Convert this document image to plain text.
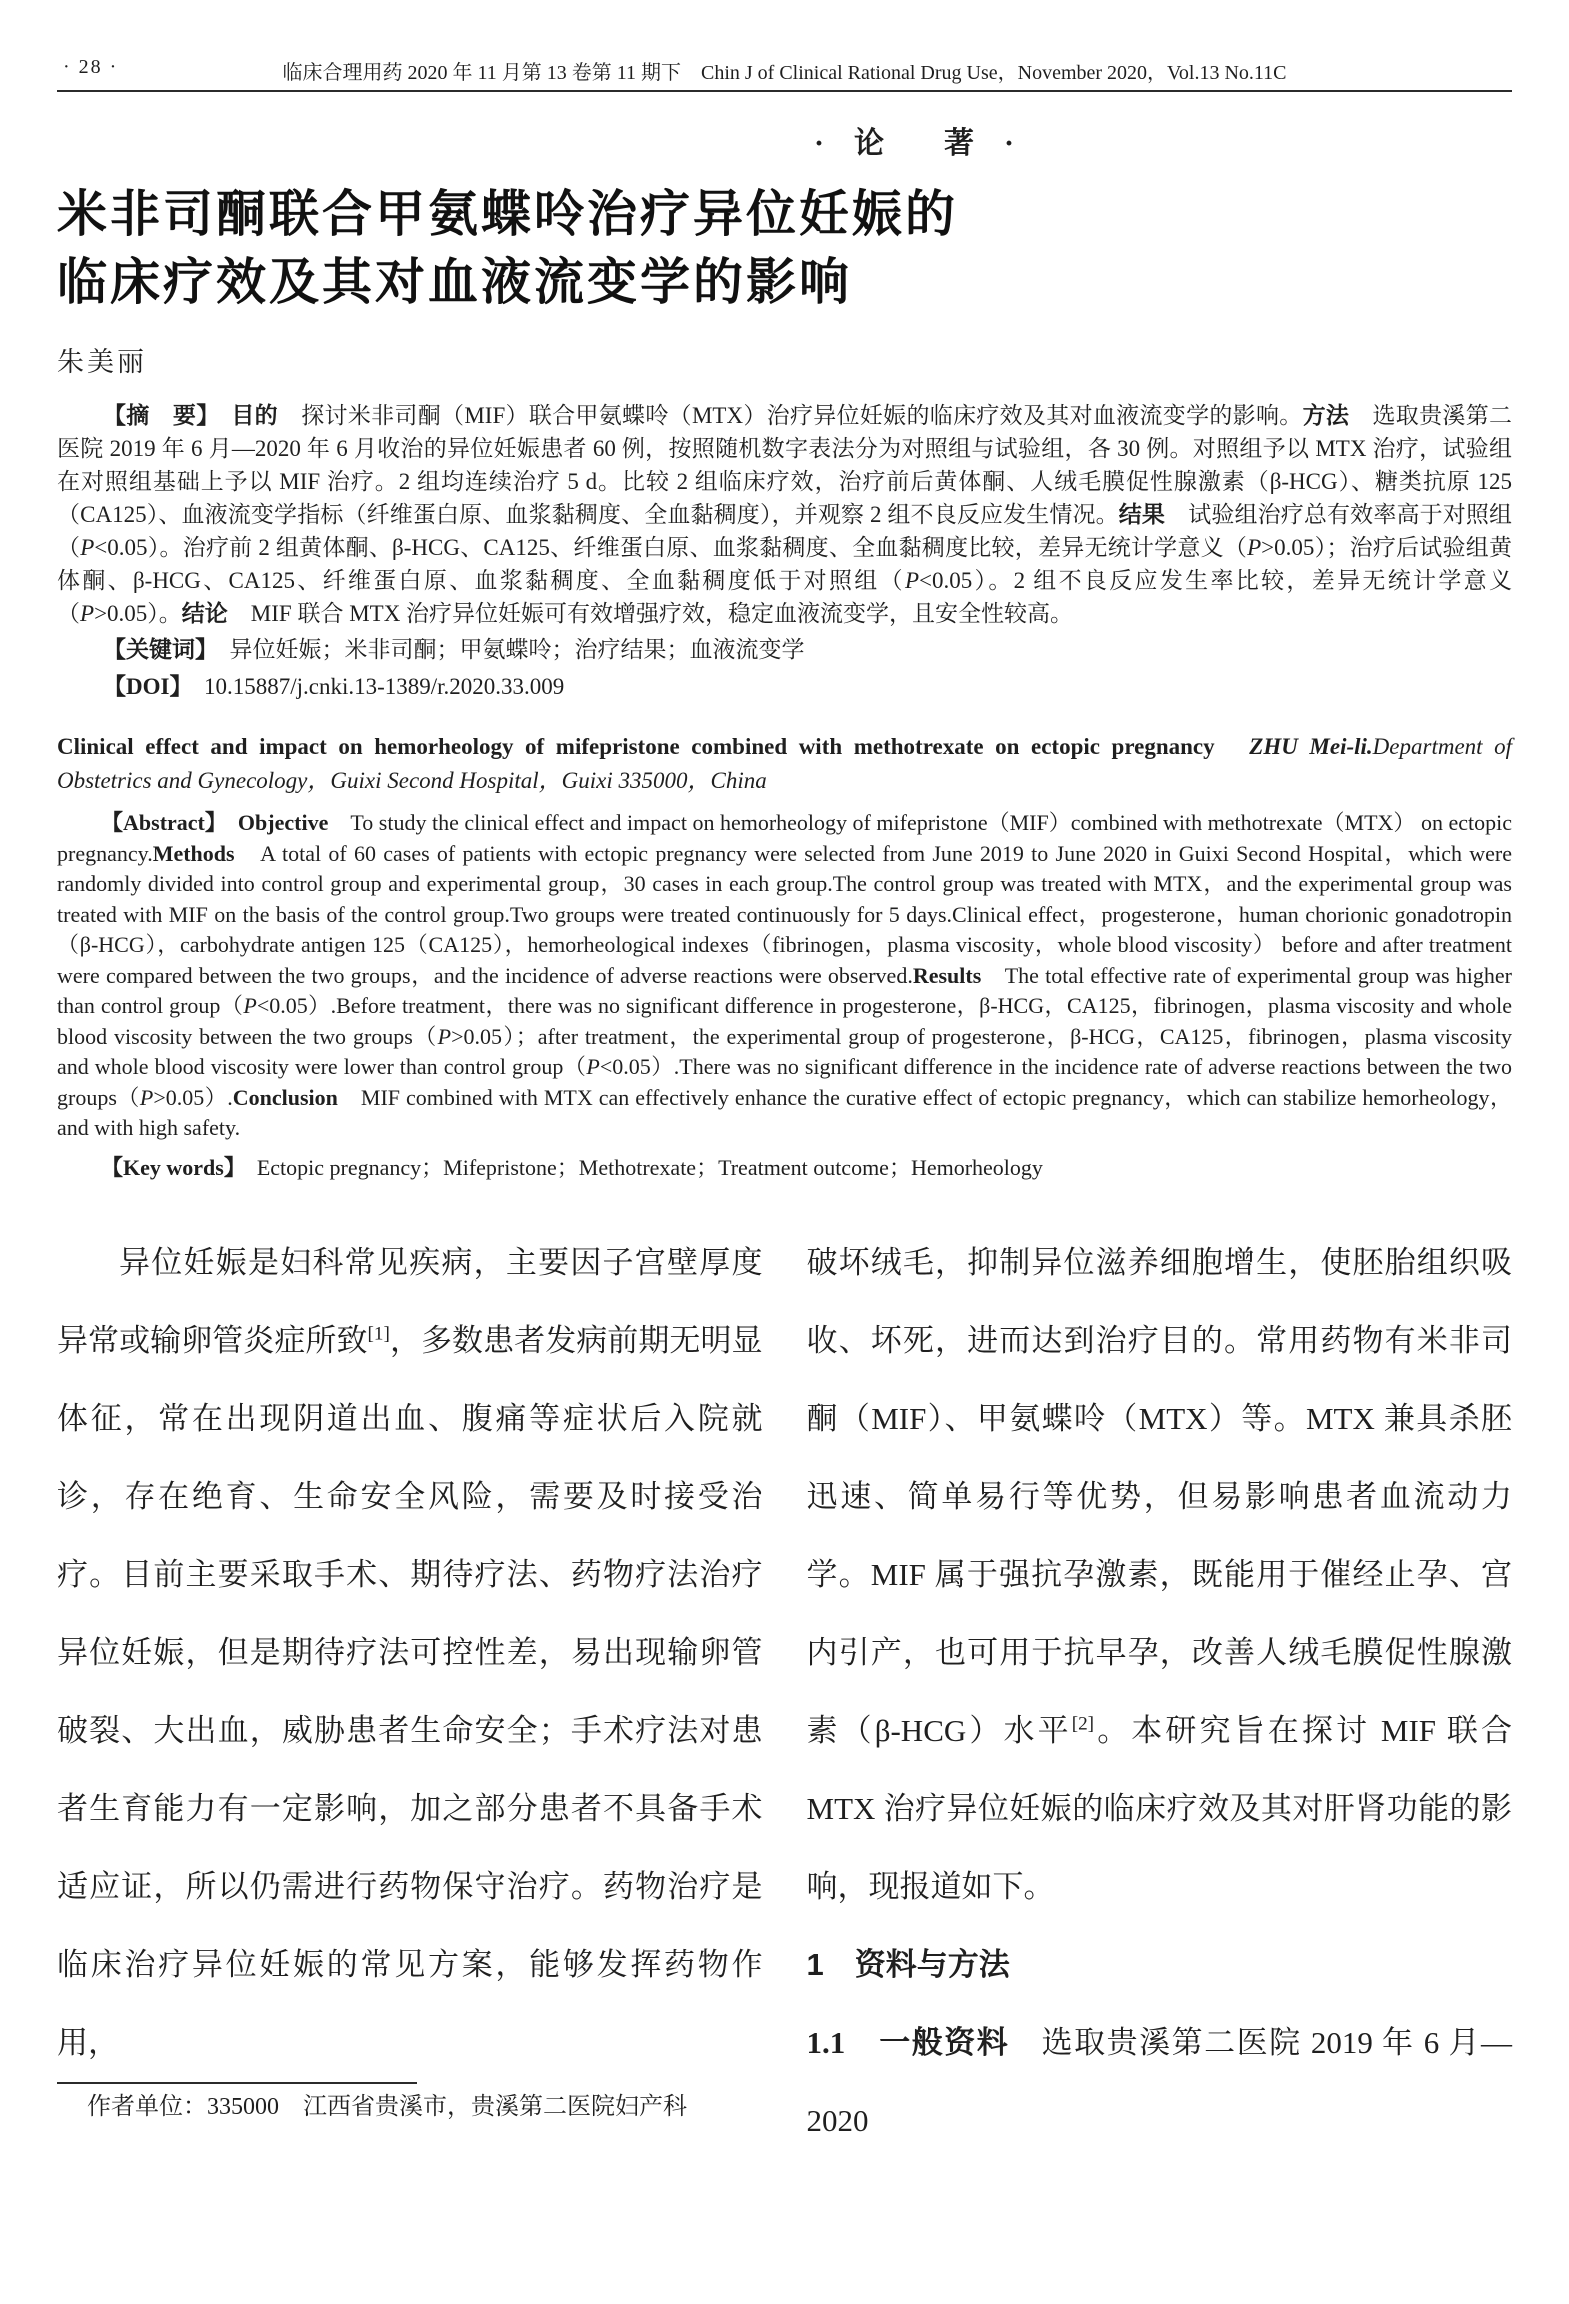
· 28 ·	临床合理用药 2020 年 11 月第 13 卷第 11 期下　Chin J of Clinical Rational Drug Use，November 2020，Vol.13 No.11C
·　论　　著　·
米非司酮联合甲氨蝶呤治疗异位妊娠的
临床疗效及其对血液流变学的影响
朱美丽

【摘　要】　目的　探讨米非司酮（MIF）联合甲氨蝶呤（MTX）治疗异位妊娠的临床疗效及其对血液流变学的影响。方法　选取贵溪第二医院 2019 年 6 月—2020 年 6 月收治的异位妊娠患者 60 例，按照随机数字表法分为对照组与试验组，各 30 例。对照组予以 MTX 治疗，试验组在对照组基础上予以 MIF 治疗。2 组均连续治疗 5 d。比较 2 组临床疗效，治疗前后黄体酮、人绒毛膜促性腺激素（β-HCG）、糖类抗原 125（CA125）、血液流变学指标（纤维蛋白原、血浆黏稠度、全血黏稠度），并观察 2 组不良反应发生情况。结果　试验组治疗总有效率高于对照组（P<0.05）。治疗前 2 组黄体酮、β-HCG、CA125、纤维蛋白原、血浆黏稠度、全血黏稠度比较，差异无统计学意义（P>0.05）；治疗后试验组黄体酮、β-HCG、CA125、纤维蛋白原、血浆黏稠度、全血黏稠度低于对照组（P<0.05）。2 组不良反应发生率比较，差异无统计学意义（P>0.05）。结论　MIF 联合 MTX 治疗异位妊娠可有效增强疗效，稳定血液流变学，且安全性较高。

【关键词】　异位妊娠；米非司酮；甲氨蝶呤；治疗结果；血液流变学

【DOI】　10.15887/j.cnki.13-1389/r.2020.33.009

Clinical effect and impact on hemorheology of mifepristone combined with methotrexate on ectopic pregnancy　ZHU Mei-li.Department of Obstetrics and Gynecology，Guixi Second Hospital，Guixi 335000，China

【Abstract】　Objective　To study the clinical effect and impact on hemorheology of mifepristone（MIF）combined with methotrexate（MTX） on ectopic pregnancy.Methods　A total of 60 cases of patients with ectopic pregnancy were selected from June 2019 to June 2020 in Guixi Second Hospital，which were randomly divided into control group and experimental group，30 cases in each group.The control group was treated with MTX，and the experimental group was treated with MIF on the basis of the control group.Two groups were treated continuously for 5 days.Clinical effect，progesterone，human chorionic gonadotropin（β-HCG），carbohydrate antigen 125（CA125），hemorheological indexes（fibrinogen，plasma viscosity，whole blood viscosity） before and after treatment were compared between the two groups，and the incidence of adverse reactions were observed.Results　The total effective rate of experimental group was higher than control group（P<0.05）.Before treatment，there was no significant difference in progesterone，β-HCG，CA125，fibrinogen，plasma viscosity and whole blood viscosity between the two groups（P>0.05）；after treatment，the experimental group of progesterone，β-HCG，CA125，fibrinogen，plasma viscosity and whole blood viscosity were lower than control group（P<0.05）.There was no significant difference in the incidence rate of adverse reactions between the two groups（P>0.05）.Conclusion　MIF combined with MTX can effectively enhance the curative effect of ectopic pregnancy，which can stabilize hemorheology，and with high safety.

【Key words】　Ectopic pregnancy；Mifepristone；Methotrexate；Treatment outcome；Hemorheology

异位妊娠是妇科常见疾病，主要因子宫壁厚度异常或输卵管炎症所致[1]，多数患者发病前期无明显体征，常在出现阴道出血、腹痛等症状后入院就诊，存在绝育、生命安全风险，需要及时接受治疗。目前主要采取手术、期待疗法、药物疗法治疗异位妊娠，但是期待疗法可控性差，易出现输卵管破裂、大出血，威胁患者生命安全；手术疗法对患者生育能力有一定影响，加之部分患者不具备手术适应证，所以仍需进行药物保守治疗。药物治疗是临床治疗异位妊娠的常见方案，能够发挥药物作用，

作者单位：335000　江西省贵溪市，贵溪第二医院妇产科

破坏绒毛，抑制异位滋养细胞增生，使胚胎组织吸收、坏死，进而达到治疗目的。常用药物有米非司酮（MIF）、甲氨蝶呤（MTX）等。MTX 兼具杀胚迅速、简单易行等优势，但易影响患者血流动力学。MIF 属于强抗孕激素，既能用于催经止孕、宫内引产，也可用于抗早孕，改善人绒毛膜促性腺激素（β-HCG）水平[2]。本研究旨在探讨 MIF 联合 MTX 治疗异位妊娠的临床疗效及其对肝肾功能的影响，现报道如下。

1　资料与方法

1.1　一般资料　选取贵溪第二医院 2019 年 6 月—2020
